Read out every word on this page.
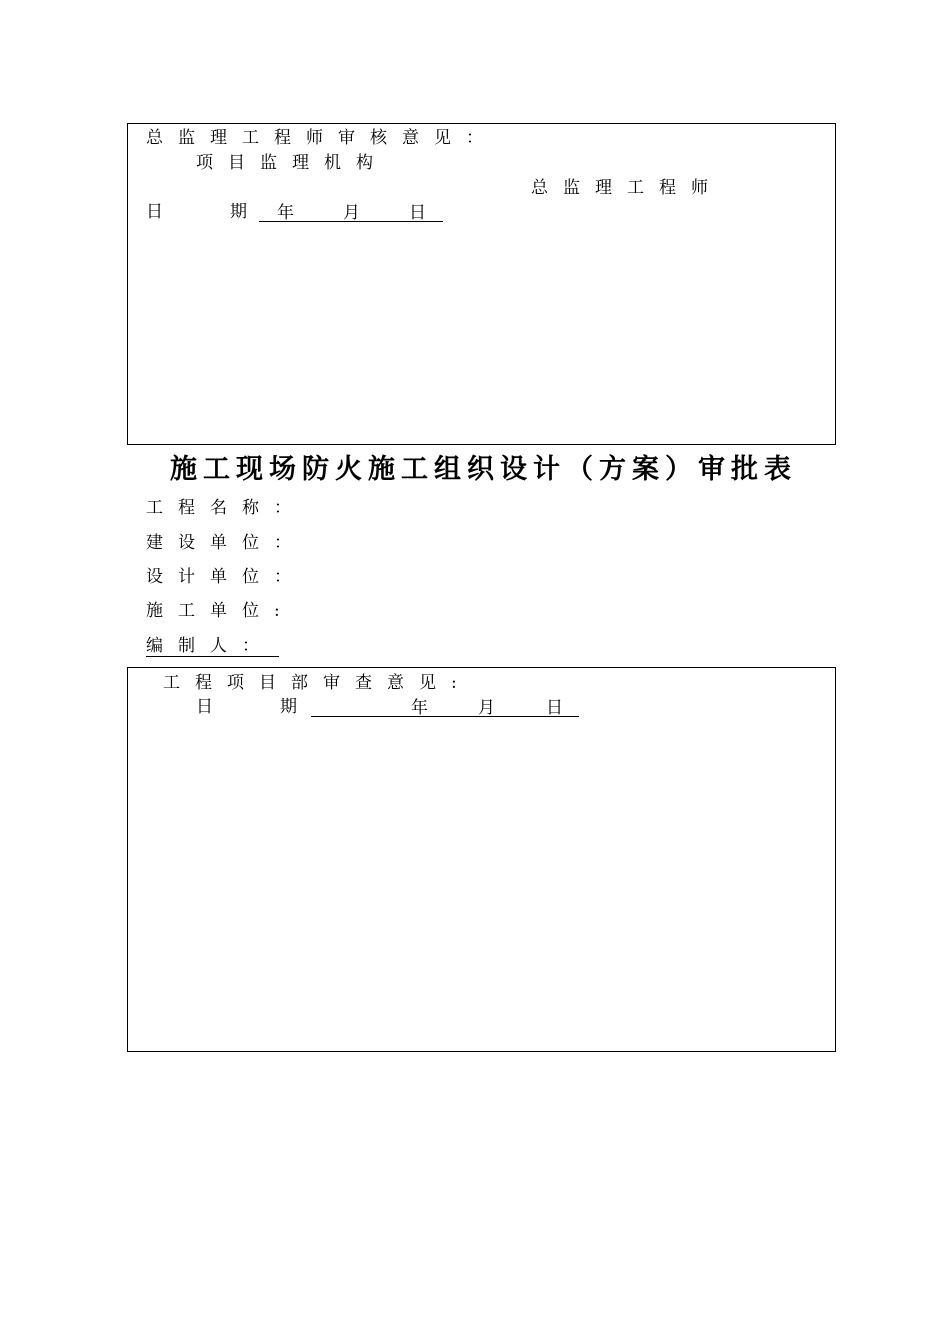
总监理工程师审核意见：
项目监理机构
总监理工程师
日	期 年	月	日
施工现场防火施工组织设计（方案）审批表
工程名称：
建设单位：
设计单位：
施工单位:
编制人：
工程项目部审查意见:
日	期	年	月	日
